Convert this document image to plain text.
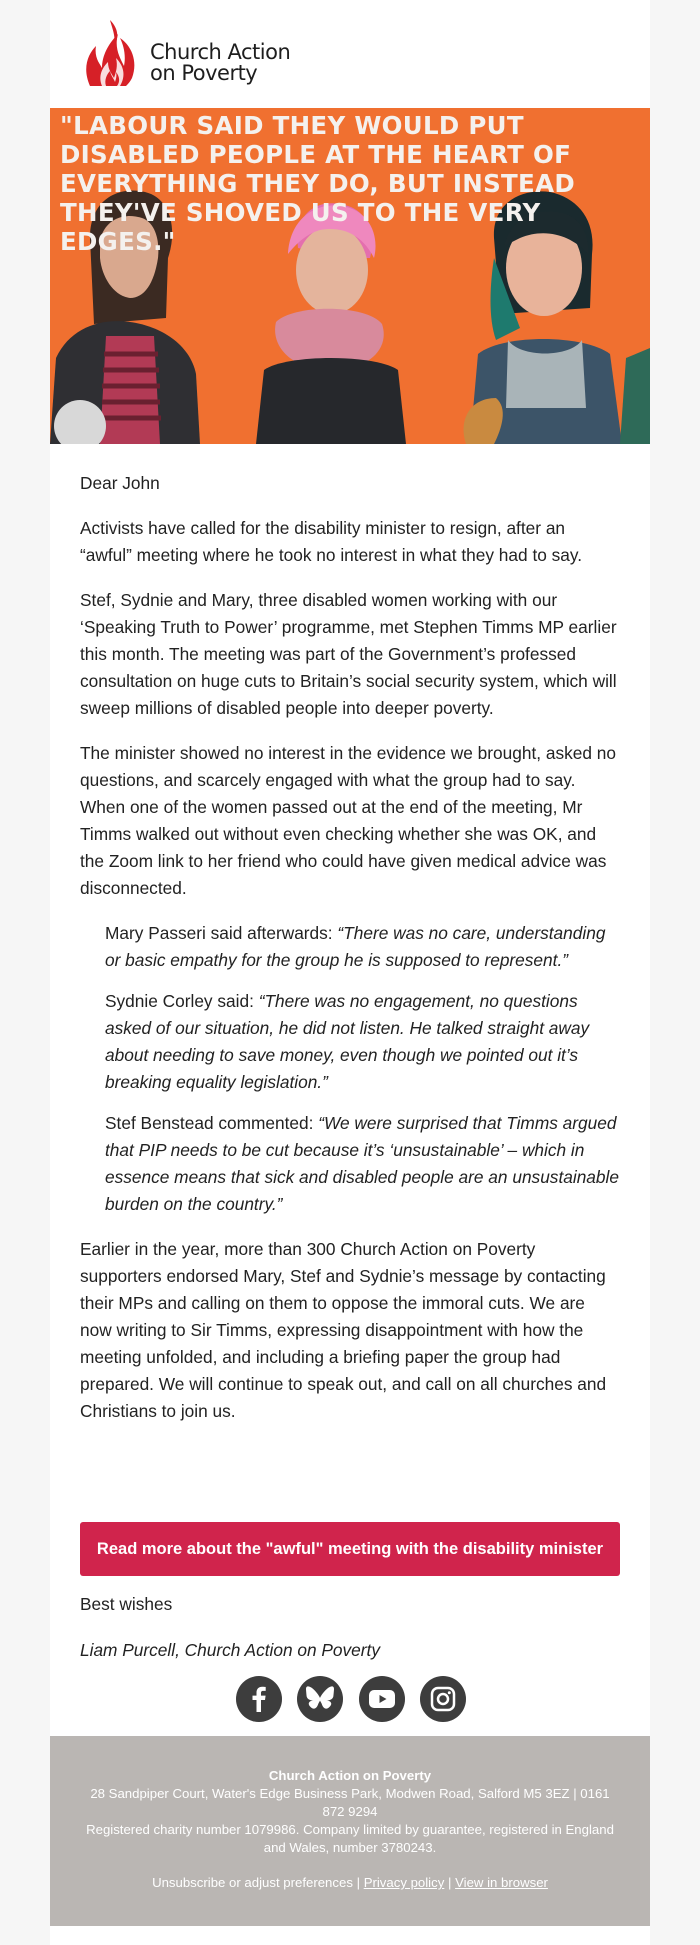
Church Action
on Poverty
"LABOUR SAID THEY WOULD PUT DISABLED PEOPLE AT THE HEART OF EVERYTHING THEY DO, BUT INSTEAD THEY'VE SHOVED US TO THE VERY EDGES."

Dear John

Activists have called for the disability minister to resign, after an “awful” meeting where he took no interest in what they had to say.

Stef, Sydnie and Mary, three disabled women working with our ‘Speaking Truth to Power’ programme, met Stephen Timms MP earlier this month. The meeting was part of the Government’s professed consultation on huge cuts to Britain’s social security system, which will sweep millions of disabled people into deeper poverty.

The minister showed no interest in the evidence we brought, asked no questions, and scarcely engaged with what the group had to say. When one of the women passed out at the end of the meeting, Mr Timms walked out without even checking whether she was OK, and the Zoom link to her friend who could have given medical advice was disconnected.

Mary Passeri said afterwards: “There was no care, understanding or basic empathy for the group he is supposed to represent.”

Sydnie Corley said: “There was no engagement, no questions asked of our situation, he did not listen. He talked straight away about needing to save money, even though we pointed out it’s breaking equality legislation.”

Stef Benstead commented: “We were surprised that Timms argued that PIP needs to be cut because it’s ‘unsustainable’ – which in essence means that sick and disabled people are an unsustainable burden on the country.”

Earlier in the year, more than 300 Church Action on Poverty supporters endorsed Mary, Stef and Sydnie’s message by contacting their MPs and calling on them to oppose the immoral cuts. We are now writing to Sir Timms, expressing disappointment with how the meeting unfolded, and including a briefing paper the group had prepared. We will continue to speak out, and call on all churches and Christians to join us.

Read more about the "awful" meeting with the disability minister
Best wishes
Liam Purcell, Church Action on Poverty
Church Action on Poverty
28 Sandpiper Court, Water's Edge Business Park, Modwen Road, Salford M5 3EZ | 0161 872 9294
Registered charity number 1079986. Company limited by guarantee, registered in England and Wales, number 3780243.
Unsubscribe or adjust preferences | Privacy policy | View in browser
